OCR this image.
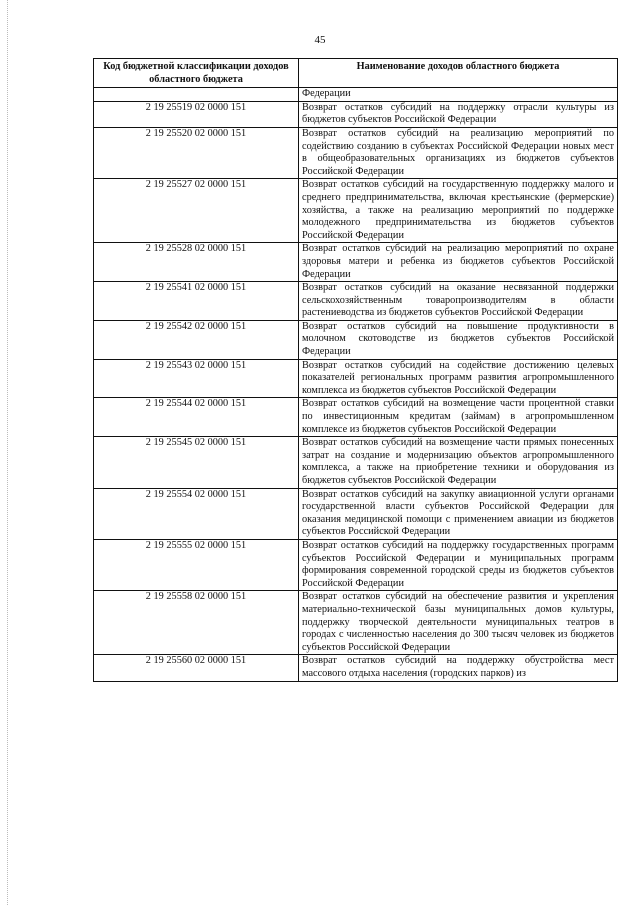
45
Код бюджетной классификации доходов областного бюджета	Наименование доходов областного бюджета
	Федерации
2 19 25519 02 0000 151	Возврат остатков субсидий на поддержку отрасли культуры из бюджетов субъектов Российской Федерации
2 19 25520 02 0000 151	Возврат остатков субсидий на реализацию мероприятий по содействию созданию в субъектах Российской Федерации новых мест в общеобразовательных организациях из бюджетов субъектов Российской Федерации
2 19 25527 02 0000 151	Возврат остатков субсидий на государственную поддержку малого и среднего предпринимательства, включая крестьянские (фермерские) хозяйства, а также на реализацию мероприятий по поддержке молодежного предпринимательства из бюджетов субъектов Российской Федерации
2 19 25528 02 0000 151	Возврат остатков субсидий на реализацию мероприятий по охране здоровья матери и ребенка из бюджетов субъектов Российской Федерации
2 19 25541 02 0000 151	Возврат остатков субсидий на оказание несвязанной поддержки сельскохозяйственным товаропроизводителям в области растениеводства из бюджетов субъектов Российской Федерации
2 19 25542 02 0000 151	Возврат остатков субсидий на повышение продуктивности в молочном скотоводстве из бюджетов субъектов Российской Федерации
2 19 25543 02 0000 151	Возврат остатков субсидий на содействие достижению целевых показателей региональных программ развития агропромышленного комплекса из бюджетов субъектов Российской Федерации
2 19 25544 02 0000 151	Возврат остатков субсидий на возмещение части процентной ставки по инвестиционным кредитам (займам) в агропромышленном комплексе из бюджетов субъектов Российской Федерации
2 19 25545 02 0000 151	Возврат остатков субсидий на возмещение части прямых понесенных затрат на создание и модернизацию объектов агропромышленного комплекса, а также на приобретение техники и оборудования из бюджетов субъектов Российской Федерации
2 19 25554 02 0000 151	Возврат остатков субсидий на закупку авиационной услуги органами государственной власти субъектов Российской Федерации для оказания медицинской помощи с применением авиации из бюджетов субъектов Российской Федерации
2 19 25555 02 0000 151	Возврат остатков субсидий на поддержку государственных программ субъектов Российской Федерации и муниципальных программ формирования современной городской среды из бюджетов субъектов Российской Федерации
2 19 25558 02 0000 151	Возврат остатков субсидий на обеспечение развития и укрепления материально-технической базы муниципальных домов культуры, поддержку творческой деятельности муниципальных театров в городах с численностью населения до 300 тысяч человек из бюджетов субъектов Российской Федерации
2 19 25560 02 0000 151	Возврат остатков субсидий на поддержку обустройства мест массового отдыха населения (городских парков) из
